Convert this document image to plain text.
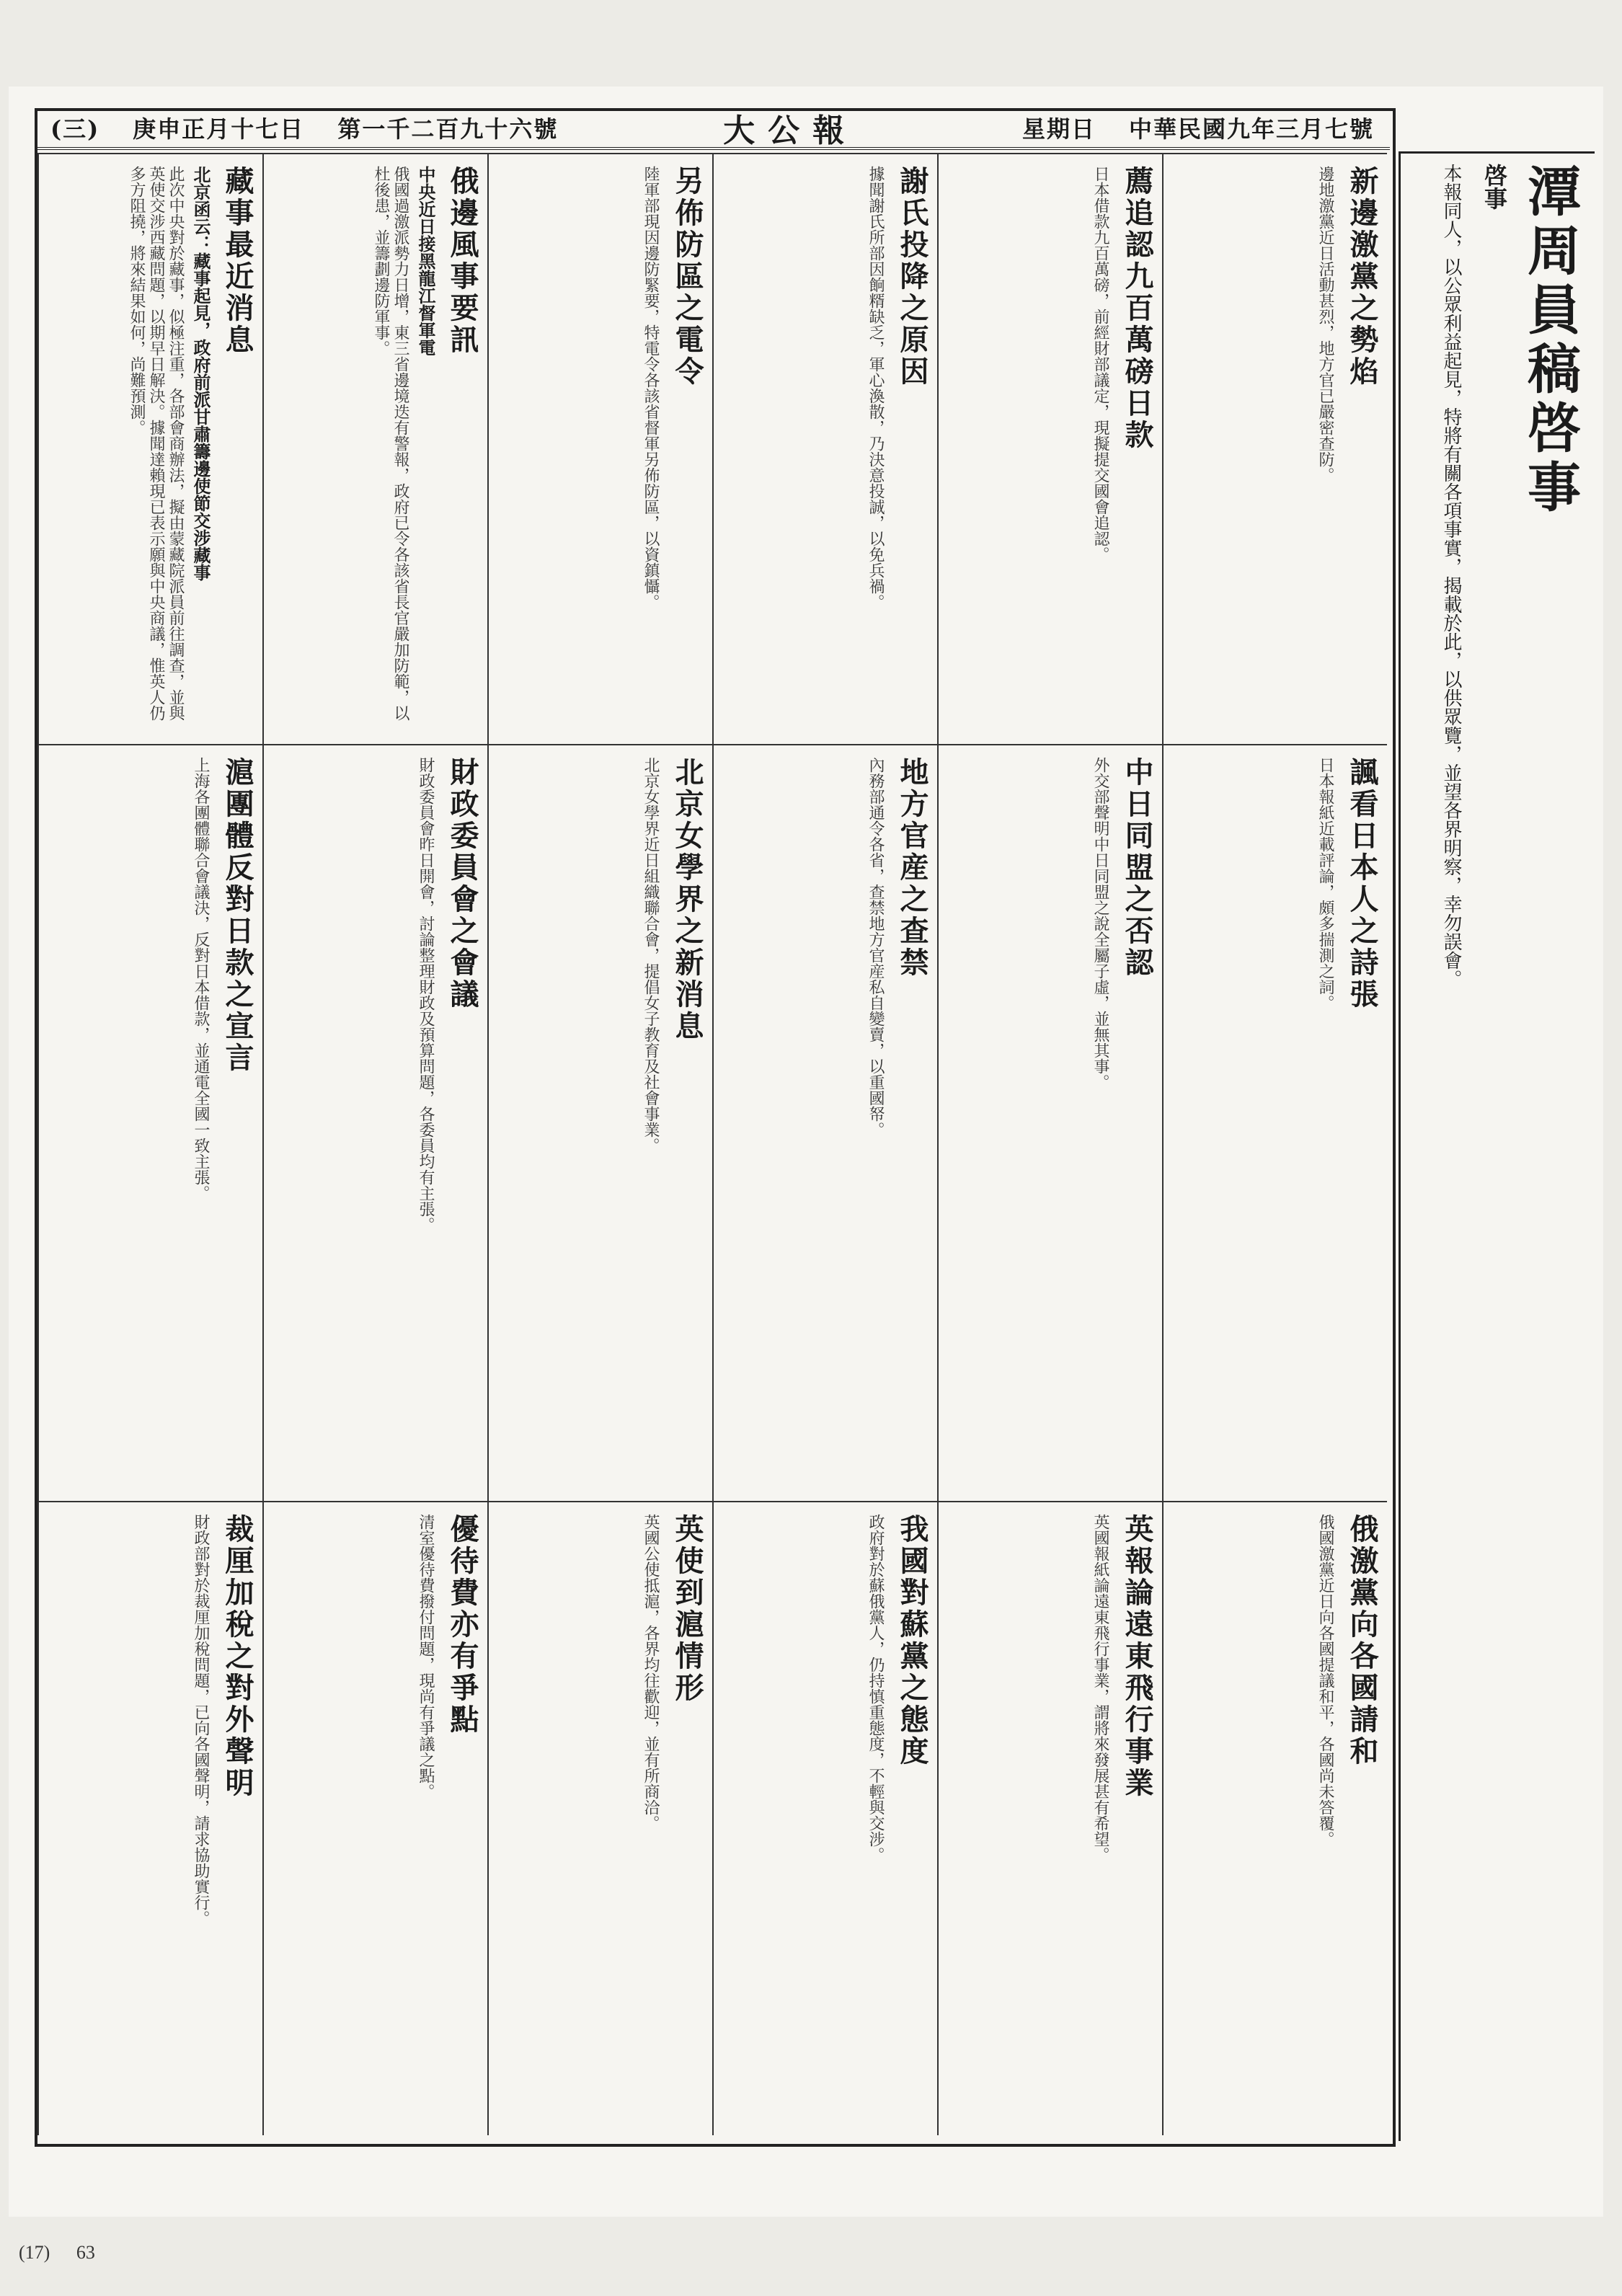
(三) 庚申正月十七日 第一千二百九十六號	大公報	星期日 中華民國九年三月七號
藏事最近消息
北京函云：藏事起見，政府前派甘肅籌邊使節交涉藏事

此次中央對於藏事，似極注重，各部會商辦法，擬由蒙藏院派員前往調查，並與英使交涉西藏問題，以期早日解決。據聞達賴現已表示願與中央商議，惟英人仍多方阻撓，將來結果如何，尚難預測。	俄邊風事要訊
中央近日接黑龍江督軍電

俄國過激派勢力日增，東三省邊境迭有警報，政府已令各該省長官嚴加防範，以杜後患，並籌劃邊防軍事。	另佈防區之電令

陸軍部現因邊防緊要，特電令各該省督軍另佈防區，以資鎮懾。	謝氏投降之原因

據聞謝氏所部因餉糈缺乏，軍心渙散，乃決意投誠，以免兵禍。	薦追認九百萬磅日款

日本借款九百萬磅，前經財部議定，現擬提交國會追認。	新邊激黨之勢焰

邊地激黨近日活動甚烈，地方官已嚴密查防。

滬團體反對日款之宣言

上海各團體聯合會議決，反對日本借款，並通電全國一致主張。	財政委員會之會議

財政委員會昨日開會，討論整理財政及預算問題，各委員均有主張。	北京女學界之新消息

北京女學界近日組織聯合會，提倡女子教育及社會事業。	地方官産之查禁

內務部通令各省，查禁地方官産私自變賣，以重國帑。	中日同盟之否認

外交部聲明中日同盟之說全屬子虛，並無其事。	諷看日本人之詩張

日本報紙近載評論，頗多揣測之詞。

裁厘加稅之對外聲明

財政部對於裁厘加稅問題，已向各國聲明，請求協助實行。	優待費亦有爭點

清室優待費撥付問題，現尚有爭議之點。	英使到滬情形

英國公使抵滬，各界均往歡迎，並有所商洽。	我國對蘇黨之態度

政府對於蘇俄黨人，仍持慎重態度，不輕與交涉。	英報論遠東飛行事業

英國報紙論遠東飛行事業，謂將來發展甚有希望。	俄激黨向各國請和

俄國激黨近日向各國提議和平，各國尚未答覆。

潭周員稿啓事
啓事

本報同人，以公眾利益起見，特將有關各項事實，揭載於此，以供眾覽，並望各界明察，幸勿誤會。

(17) 63
